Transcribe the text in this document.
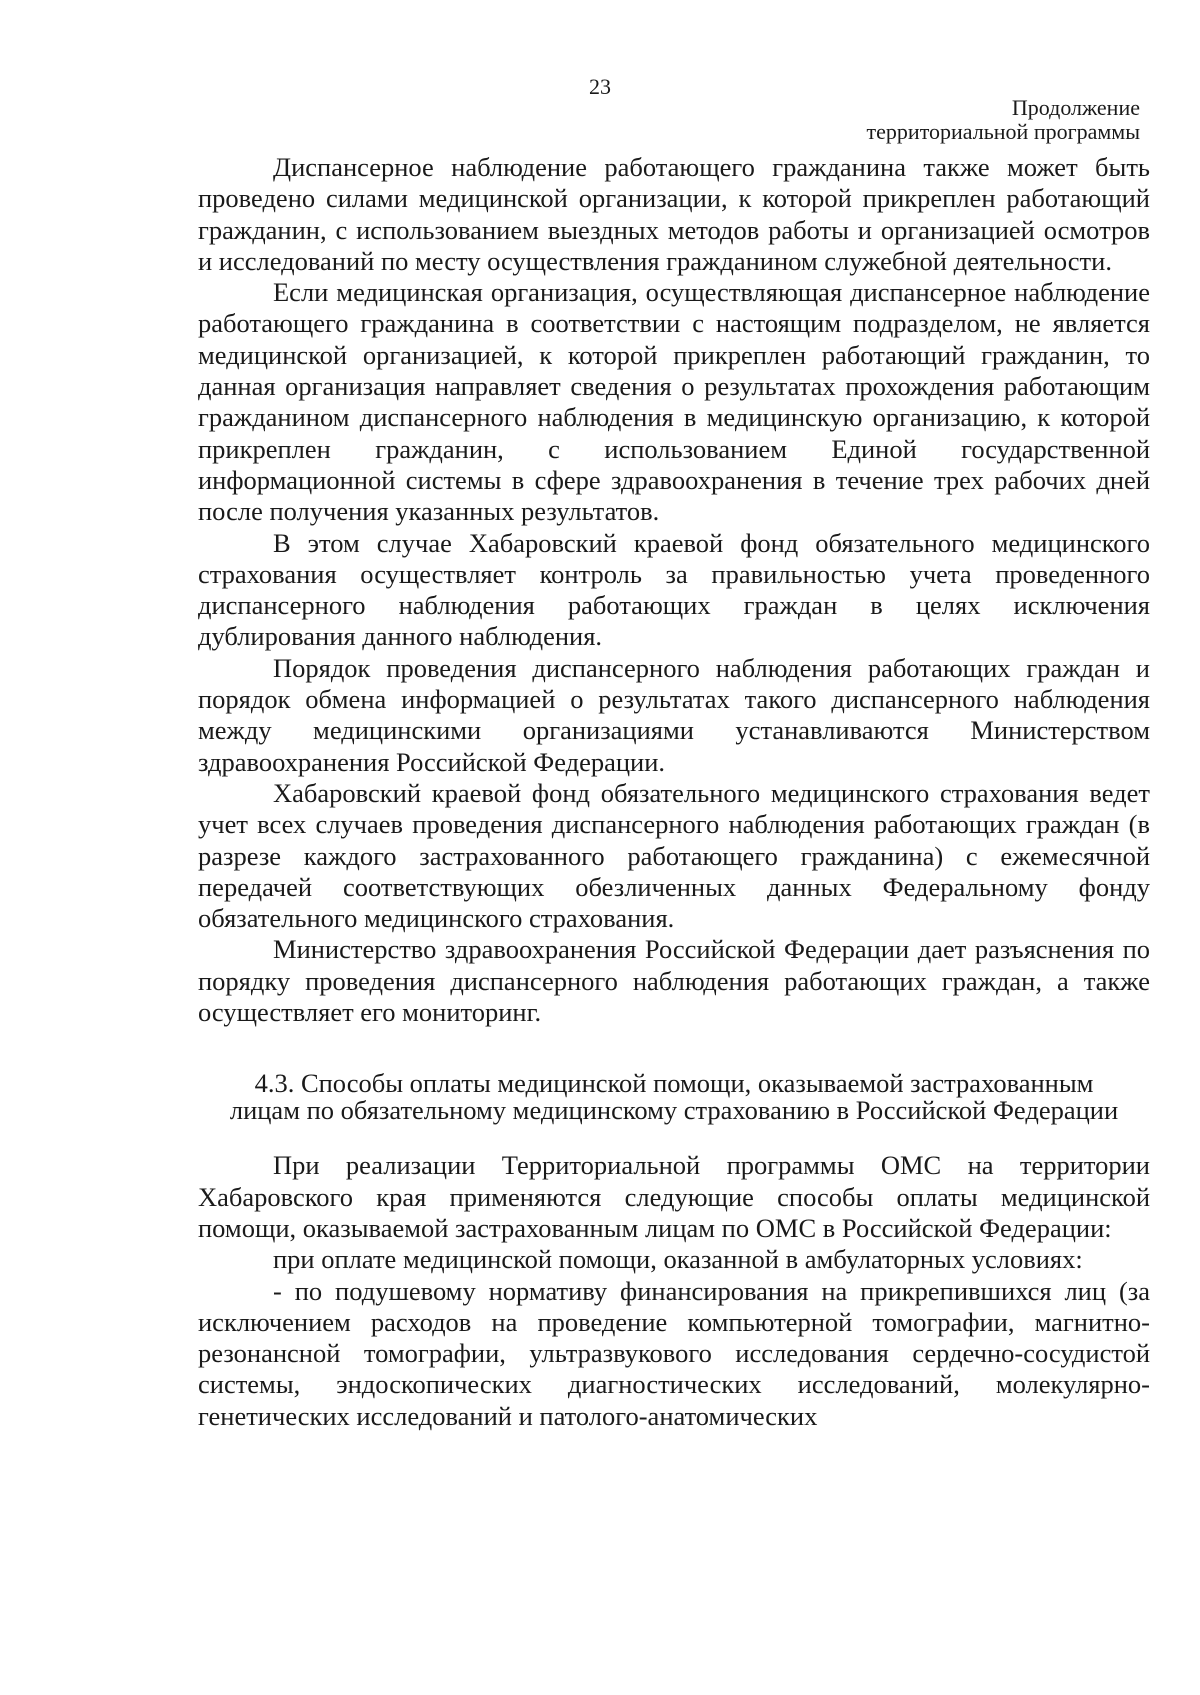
23
Продолжение
территориальной программы

Диспансерное наблюдение работающего гражданина также может быть проведено силами медицинской организации, к которой прикреплен работающий гражданин, с использованием выездных методов работы и организацией осмотров и исследований по месту осуществления гражданином служебной деятельности.

Если медицинская организация, осуществляющая диспансерное наблюдение работающего гражданина в соответствии с настоящим подразделом, не является медицинской организацией, к которой прикреплен работающий гражданин, то данная организация направляет сведения о результатах прохождения работающим гражданином диспансерного наблюдения в медицинскую организацию, к которой прикреплен гражданин, с использованием Единой государственной информационной системы в сфере здравоохранения в течение трех рабочих дней после получения указанных результатов.

В этом случае Хабаровский краевой фонд обязательного медицинского страхования осуществляет контроль за правильностью учета проведенного диспансерного наблюдения работающих граждан в целях исключения дублирования данного наблюдения.

Порядок проведения диспансерного наблюдения работающих граждан и порядок обмена информацией о результатах такого диспансерного наблюдения между медицинскими организациями устанавливаются Министерством здравоохранения Российской Федерации.

Хабаровский краевой фонд обязательного медицинского страхования ведет учет всех случаев проведения диспансерного наблюдения работающих граждан (в разрезе каждого застрахованного работающего гражданина) с ежемесячной передачей соответствующих обезличенных данных Федеральному фонду обязательного медицинского страхования.

Министерство здравоохранения Российской Федерации дает разъяснения по порядку проведения диспансерного наблюдения работающих граждан, а также осуществляет его мониторинг.

4.3. Способы оплаты медицинской помощи, оказываемой застрахованным лицам по обязательному медицинскому страхованию в Российской Федерации

При реализации Территориальной программы ОМС на территории Хабаровского края применяются следующие способы оплаты медицинской помощи, оказываемой застрахованным лицам по ОМС в Российской Федерации:

при оплате медицинской помощи, оказанной в амбулаторных условиях:

- по подушевому нормативу финансирования на прикрепившихся лиц (за исключением расходов на проведение компьютерной томографии, магнитно-резонансной томографии, ультразвукового исследования сердечно-сосудистой системы, эндоскопических диагностических исследований, молекулярно-генетических исследований и патолого-анатомических
